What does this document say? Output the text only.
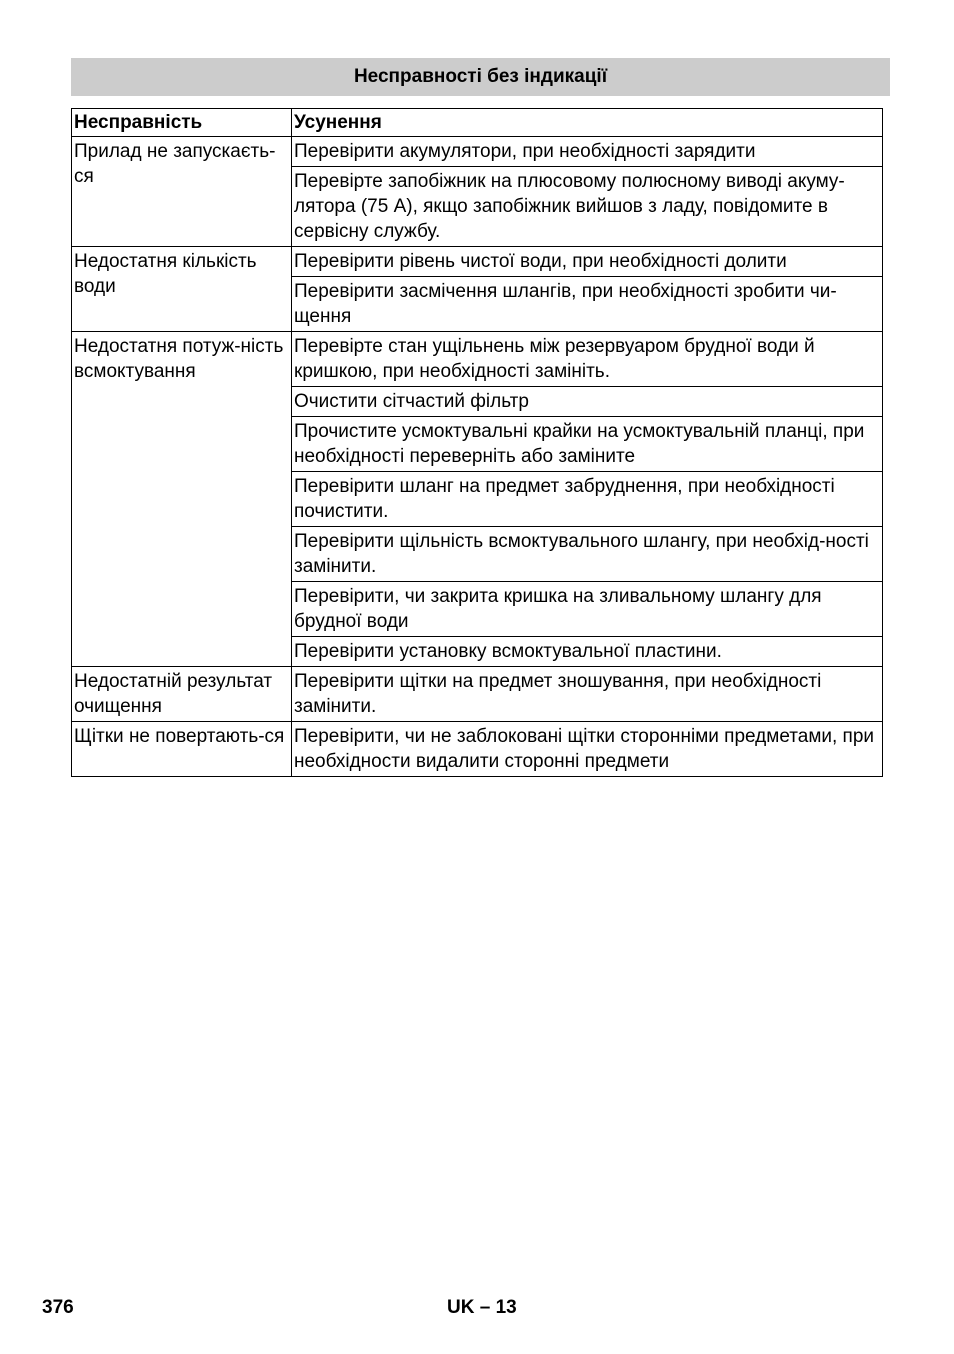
Несправності без індикації
Несправність	Усунення
Прилад не запускаєть-ся	Перевірити акумулятори, при необхідності зарядити
	Перевірте запобіжник на плюсовому полюсному виводі акуму-лятора (75 A), якщо запобіжник вийшов з ладу, повідомите в сервісну службу.
Недостатня кількість води	Перевірити рівень чистої води, при необхідності долити
	Перевірити засмічення шлангів, при необхідності зробити чи-щення
Недостатня потуж-ність всмоктування	Перевірте стан ущільнень між резервуаром брудної води й кришкою, при необхідності замініть.
	Очистити сітчастий фільтр
	Прочистите усмоктувальні крайки на усмоктувальній планці, при необхідності переверніть або заміните
	Перевірити шланг на предмет забруднення, при необхідності почистити.
	Перевірити щільність всмоктувального шлангу, при необхід-ності замінити.
	Перевірити, чи закрита кришка на зливальному шлангу для брудної води
	Перевірити установку всмоктувальної пластини.
Недостатній результат очищення	Перевірити щітки на предмет зношування, при необхідності замінити.
Щітки не повертають-ся	Перевірити, чи не заблоковані щітки сторонніми предметами, при необхідности видалити сторонні предмети
376	UK – 13
